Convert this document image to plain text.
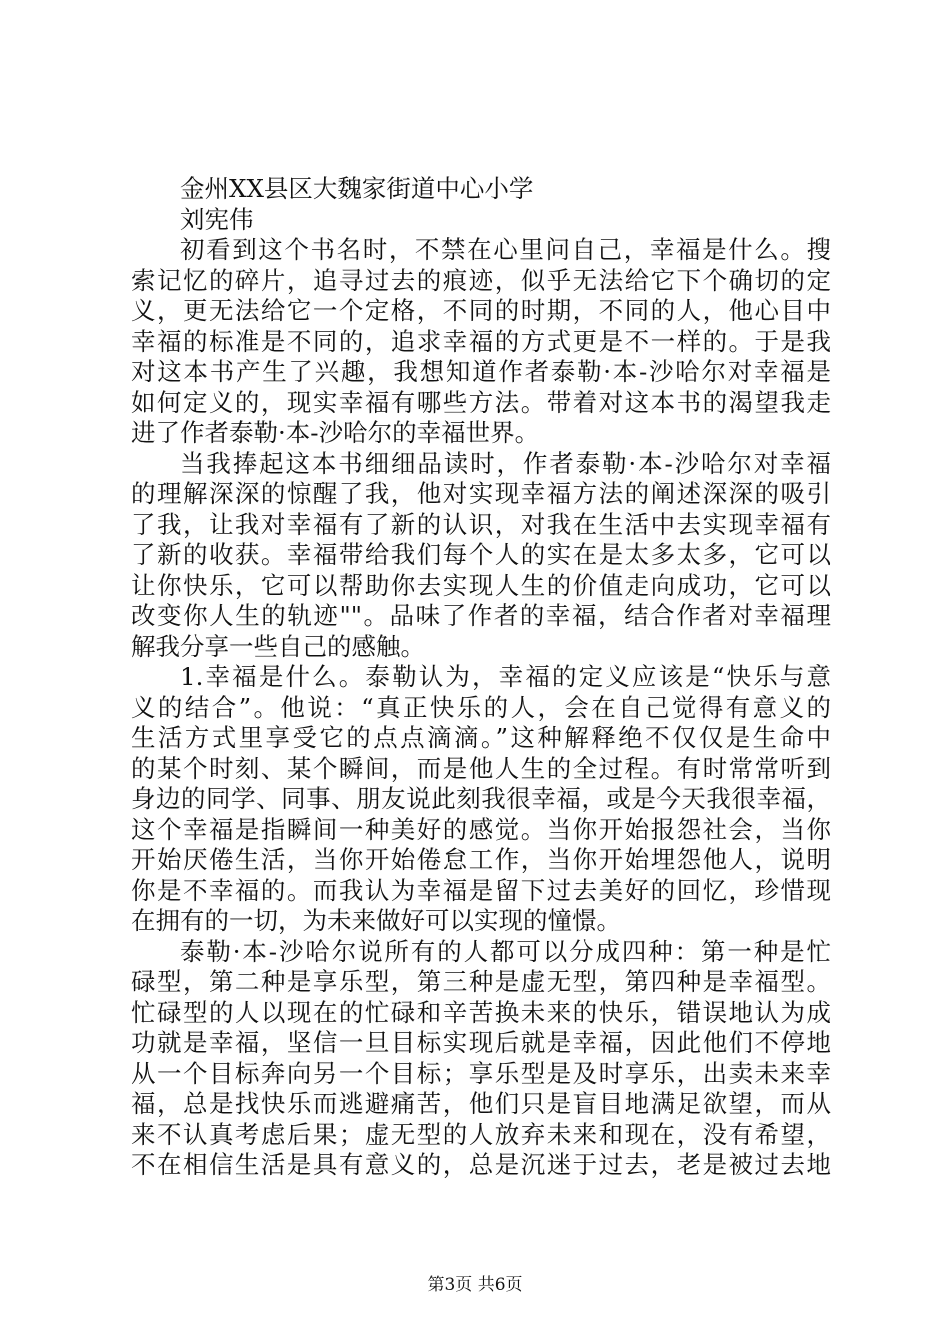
金州XX县区大魏家街道中心小学
刘宪伟
初看到这个书名时，不禁在心里问自己，幸福是什么。搜
索记忆的碎片，追寻过去的痕迹，似乎无法给它下个确切的定
义，更无法给它一个定格，不同的时期，不同的人，他心目中
幸福的标准是不同的，追求幸福的方式更是不一样的。于是我
对这本书产生了兴趣，我想知道作者泰勒·本-沙哈尔对幸福是
如何定义的，现实幸福有哪些方法。带着对这本书的渴望我走
进了作者泰勒·本-沙哈尔的幸福世界。
当我捧起这本书细细品读时，作者泰勒·本-沙哈尔对幸福
的理解深深的惊醒了我，他对实现幸福方法的阐述深深的吸引
了我，让我对幸福有了新的认识，对我在生活中去实现幸福有
了新的收获。幸福带给我们每个人的实在是太多太多，它可以
让你快乐，它可以帮助你去实现人生的价值走向成功，它可以
改变你人生的轨迹""。品味了作者的幸福，结合作者对幸福理
解我分享一些自己的感触。
1.幸福是什么。泰勒认为，幸福的定义应该是“快乐与意
义的结合”。他说：“真正快乐的人，会在自己觉得有意义的
生活方式里享受它的点点滴滴。”这种解释绝不仅仅是生命中
的某个时刻、某个瞬间，而是他人生的全过程。有时常常听到
身边的同学、同事、朋友说此刻我很幸福，或是今天我很幸福，
这个幸福是指瞬间一种美好的感觉。当你开始报怨社会，当你
开始厌倦生活，当你开始倦怠工作，当你开始埋怨他人，说明
你是不幸福的。而我认为幸福是留下过去美好的回忆，珍惜现
在拥有的一切，为未来做好可以实现的憧憬。
泰勒·本-沙哈尔说所有的人都可以分成四种：第一种是忙
碌型，第二种是享乐型，第三种是虚无型，第四种是幸福型。
忙碌型的人以现在的忙碌和辛苦换未来的快乐，错误地认为成
功就是幸福，坚信一旦目标实现后就是幸福，因此他们不停地
从一个目标奔向另一个目标；享乐型是及时享乐，出卖未来幸
福，总是找快乐而逃避痛苦，他们只是盲目地满足欲望，而从
来不认真考虑后果；虚无型的人放弃未来和现在，没有希望，
不在相信生活是具有意义的，总是沉迷于过去，老是被过去地
第3页 共6页
